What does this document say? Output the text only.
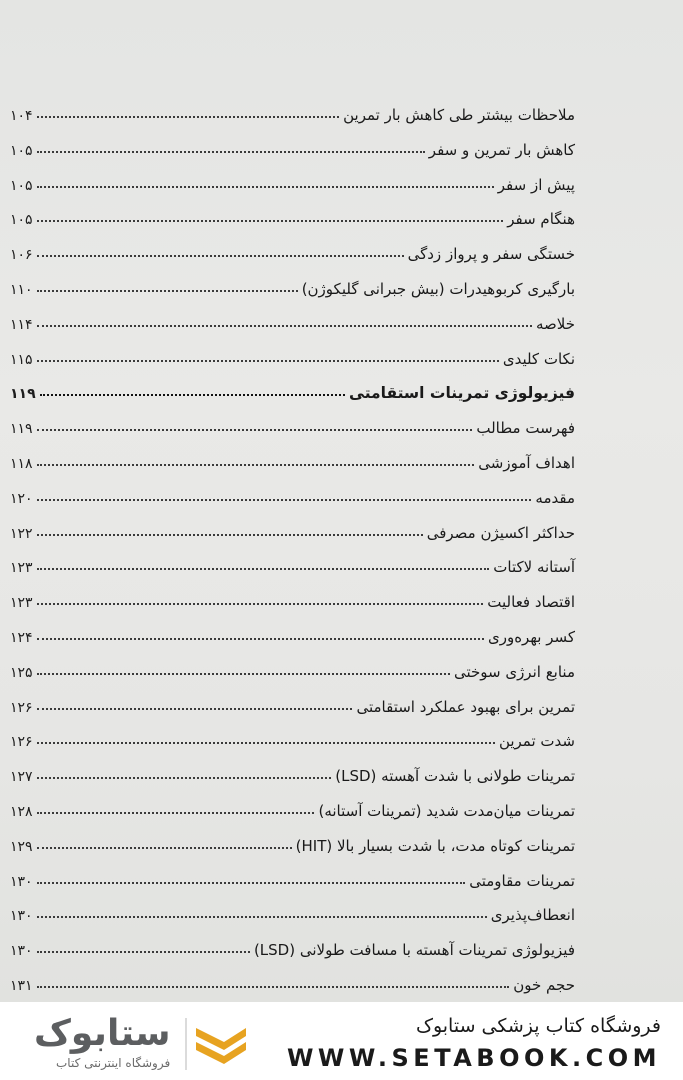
۱۰۴	ملاحظات بیشتر طی کاهش بار تمرین
۱۰۵	کاهش بار تمرین و سفر
۱۰۵	پیش از سفر
۱۰۵	هنگام سفر
۱۰۶	خستگی سفر و پرواز زدگی
۱۱۰	بارگیری کربوهیدرات (بیش جبرانی گلیکوژن)
۱۱۴	خلاصه
۱۱۵	نکات کلیدی
۱۱۹	فیزیولوژی تمرینات استقامتی
۱۱۹	فهرست مطالب
۱۱۸	اهداف آموزشی
۱۲۰	مقدمه
۱۲۲	حداکثر اکسیژن مصرفی
۱۲۳	آستانه لاکتات
۱۲۳	اقتصاد فعالیت
۱۲۴	کسر بهره‌وری
۱۲۵	منابع انرژی سوختی
۱۲۶	تمرین برای بهبود عملکرد استقامتی
۱۲۶	شدت تمرین
۱۲۷	تمرینات طولانی با شدت آهسته (LSD)
۱۲۸	تمرینات میان‌مدت شدید (تمرینات آستانه)
۱۲۹	تمرینات کوتاه مدت، با شدت بسیار بالا (HIT)
۱۳۰	تمرینات مقاومتی
۱۳۰	انعطاف‌پذیری
۱۳۰	فیزیولوژی تمرینات آهسته با مسافت طولانی (LSD)
۱۳۱	حجم خون
ستابوک
فروشگاه اینترنتی کتاب
فروشگاه کتاب پزشکی ستابوک
WWW.SETABOOK.COM
